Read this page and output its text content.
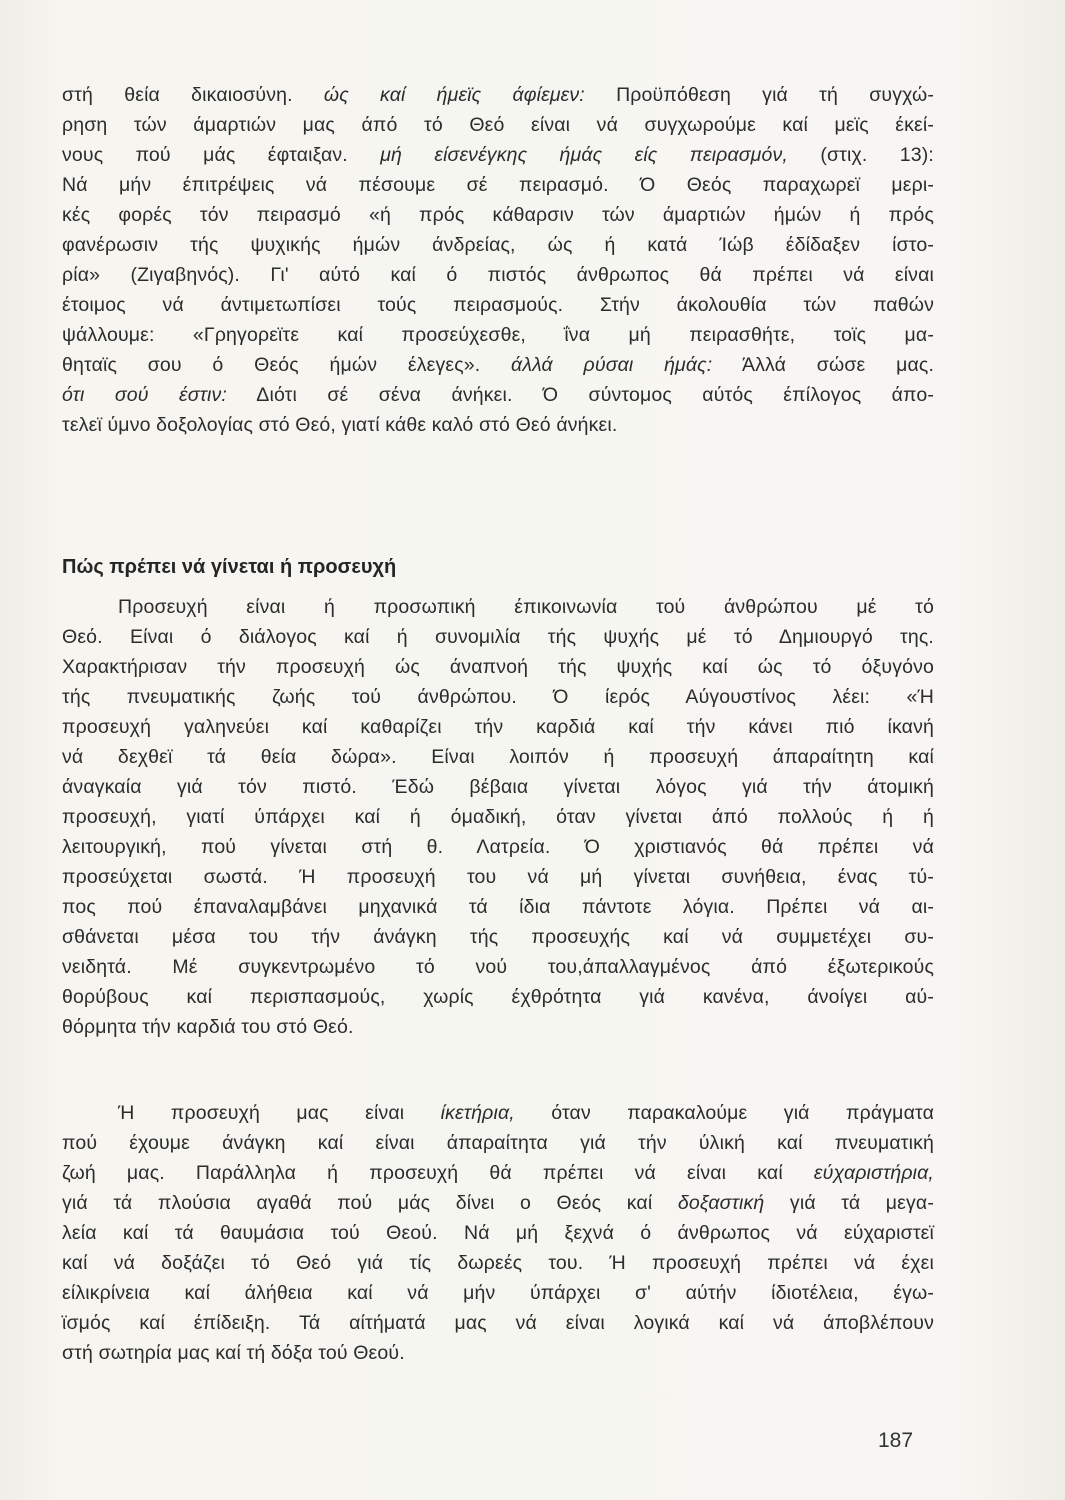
στή θεία δικαιοσύνη. ώς καί ήμεϊς άφίεμεν: Προϋπόθεση γιά τή συγχώ-
ρηση τών άμαρτιών μας άπό τό Θεό είναι νά συγχωρούμε καί μεϊς έκεί-
νους πού μάς έφταιξαν. μή είσενέγκης ήμάς είς πειρασμόν, (στιχ. 13):
Νά μήν έπιτρέψεις νά πέσουμε σέ πειρασμό. Ό Θεός παραχωρεϊ μερι-
κές φορές τόν πειρασμό «ή πρός κάθαρσιν τών άμαρτιών ήμών ή πρός
φανέρωσιν τής ψυχικής ήμών άνδρείας, ώς ή κατά Ίώβ έδίδαξεν ίστο-
ρία» (Ζιγαβηνός). Γι' αύτό καί ό πιστός άνθρωπος θά πρέπει νά είναι
έτοιμος νά άντιμετωπίσει τούς πειρασμούς. Στήν άκολουθία τών παθών
ψάλλουμε: «Γρηγορεϊτε καί προσεύχεσθε, ΐνα μή πειρασθήτε, τοϊς μα-
θηταϊς σου ό Θεός ήμών έλεγες». άλλά ρύσαι ήμάς: Άλλά σώσε μας.
ότι σού έστιν: Διότι σέ σένα άνήκει. Ό σύντομος αύτός έπίλογος άπο-
τελεϊ ύμνο δοξολογίας στό Θεό, γιατί κάθε καλό στό Θεό άνήκει.
Πώς πρέπει νά γίνεται ή προσευχή
Προσευχή είναι ή προσωπική έπικοινωνία τού άνθρώπου μέ τό
Θεό. Είναι ό διάλογος καί ή συνομιλία τής ψυχής μέ τό Δημιουργό της.
Χαρακτήρισαν τήν προσευχή ώς άναπνοή τής ψυχής καί ώς τό όξυγόνο
τής πνευματικής ζωής τού άνθρώπου. Ό ίερός Αύγουστίνος λέει: «Ή
προσευχή γαληνεύει καί καθαρίζει τήν καρδιά καί τήν κάνει πιό ίκανή
νά δεχθεϊ τά θεία δώρα». Είναι λοιπόν ή προσευχή άπαραίτητη καί
άναγκαία γιά τόν πιστό. Έδώ βέβαια γίνεται λόγος γιά τήν άτομική
προσευχή, γιατί ύπάρχει καί ή όμαδική, όταν γίνεται άπό πολλούς ή ή
λειτουργική, πού γίνεται στή θ. Λατρεία. Ό χριστιανός θά πρέπει νά
προσεύχεται σωστά. Ή προσευχή του νά μή γίνεται συνήθεια, ένας τύ-
πος πού έπαναλαμβάνει μηχανικά τά ίδια πάντοτε λόγια. Πρέπει νά αι-
σθάνεται μέσα του τήν άνάγκη τής προσευχής καί νά συμμετέχει συ-
νειδητά. Μέ συγκεντρωμένο τό νού του,άπαλλαγμένος άπό έξωτερικούς
θορύβους καί περισπασμούς, χωρίς έχθρότητα γιά κανένα, άνοίγει αύ-
θόρμητα τήν καρδιά του στό Θεό.
Ή προσευχή μας είναι ίκετήρια, όταν παρακαλούμε γιά πράγματα
πού έχουμε άνάγκη καί είναι άπαραίτητα γιά τήν ύλική καί πνευματική
ζωή μας. Παράλληλα ή προσευχή θά πρέπει νά είναι καί εύχαριστήρια,
γιά τά πλούσια αγαθά πού μάς δίνει ο Θεός καί δοξαστική γιά τά μεγα-
λεία καί τά θαυμάσια τού Θεού. Νά μή ξεχνά ό άνθρωπος νά εύχαριστεϊ
καί νά δοξάζει τό Θεό γιά τίς δωρεές του. Ή προσευχή πρέπει νά έχει
είλικρίνεια καί άλήθεια καί νά μήν ύπάρχει σ' αύτήν ίδιοτέλεια, έγω-
ϊσμός καί έπίδειξη. Τά αίτήματά μας νά είναι λογικά καί νά άποβλέπουν
στή σωτηρία μας καί τή δόξα τού Θεού.
187
